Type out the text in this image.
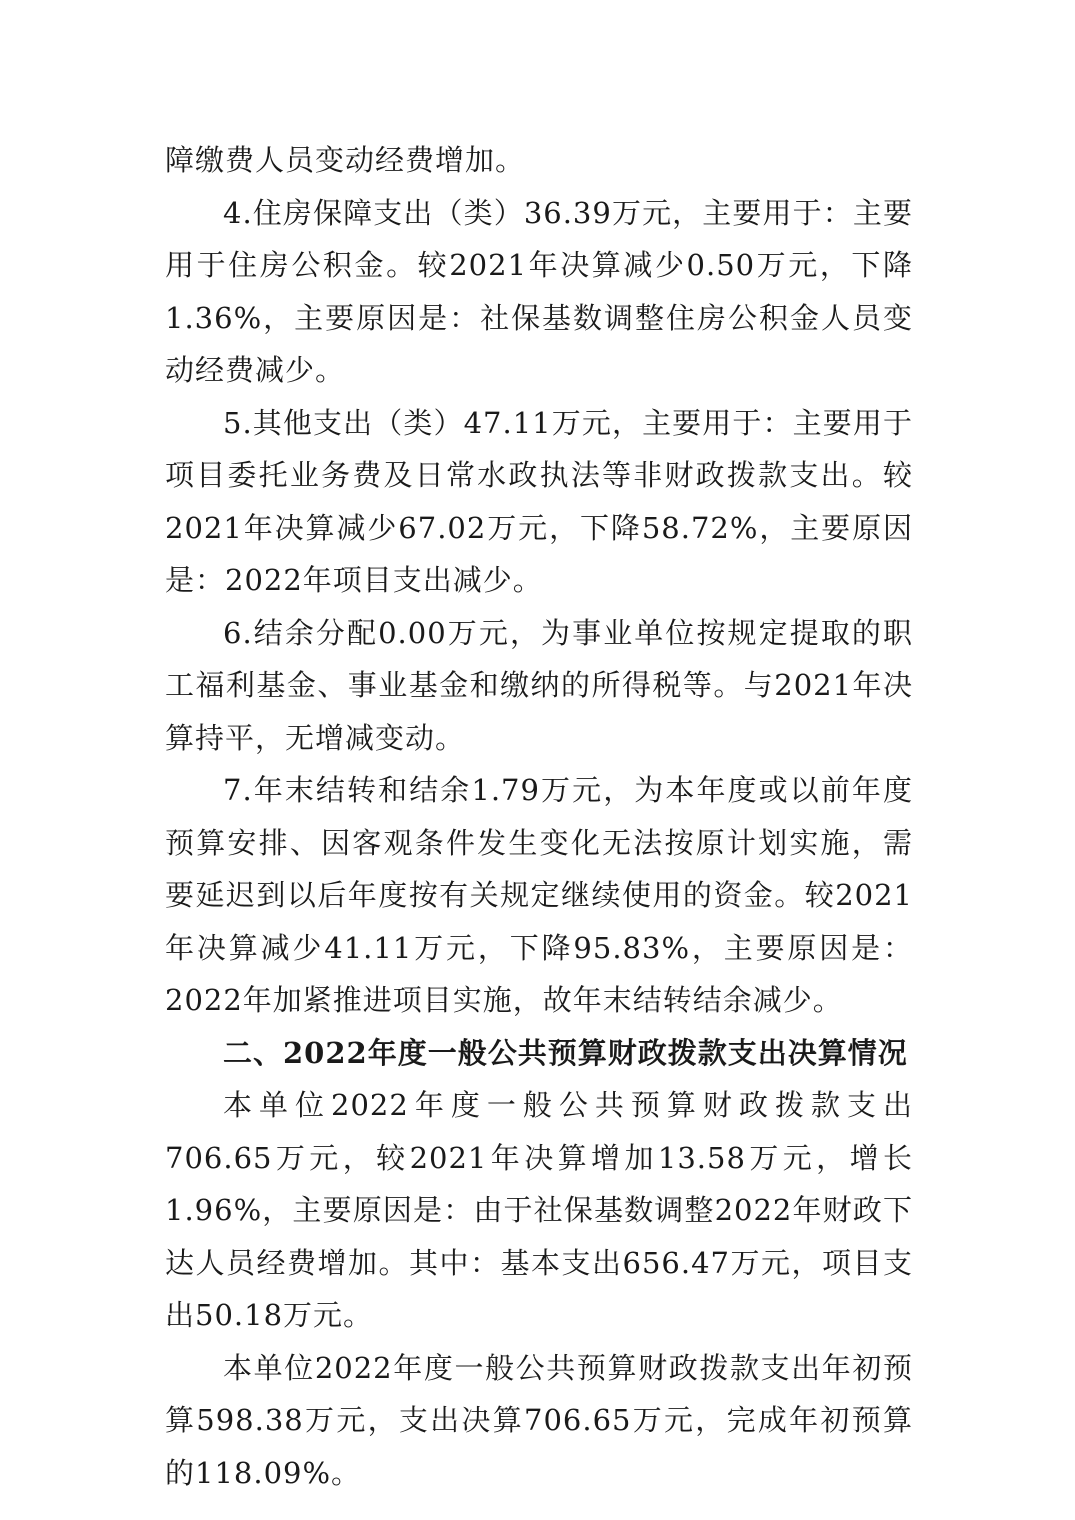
障缴费人员变动经费增加。

4.住房保障支出（类）36.39万元，主要用于：主要用于住房公积金。较2021年决算减少0.50万元，下降1.36%，主要原因是：社保基数调整住房公积金人员变动经费减少。

5.其他支出（类）47.11万元，主要用于：主要用于项目委托业务费及日常水政执法等非财政拨款支出。较2021年决算减少67.02万元，下降58.72%，主要原因是：2022年项目支出减少。

6.结余分配0.00万元，为事业单位按规定提取的职工福利基金、事业基金和缴纳的所得税等。与2021年决算持平，无增减变动。

7.年末结转和结余1.79万元，为本年度或以前年度预算安排、因客观条件发生变化无法按原计划实施，需要延迟到以后年度按有关规定继续使用的资金。较2021年决算减少41.11万元，下降95.83%，主要原因是：2022年加紧推进项目实施，故年末结转结余减少。

二、2022年度一般公共预算财政拨款支出决算情况

本单位2022年度一般公共预算财政拨款支出706.65万元，较2021年决算增加13.58万元，增长1.96%，主要原因是：由于社保基数调整2022年财政下达人员经费增加。其中：基本支出656.47万元，项目支出50.18万元。

本单位2022年度一般公共预算财政拨款支出年初预算598.38万元，支出决算706.65万元，完成年初预算的118.09%。
